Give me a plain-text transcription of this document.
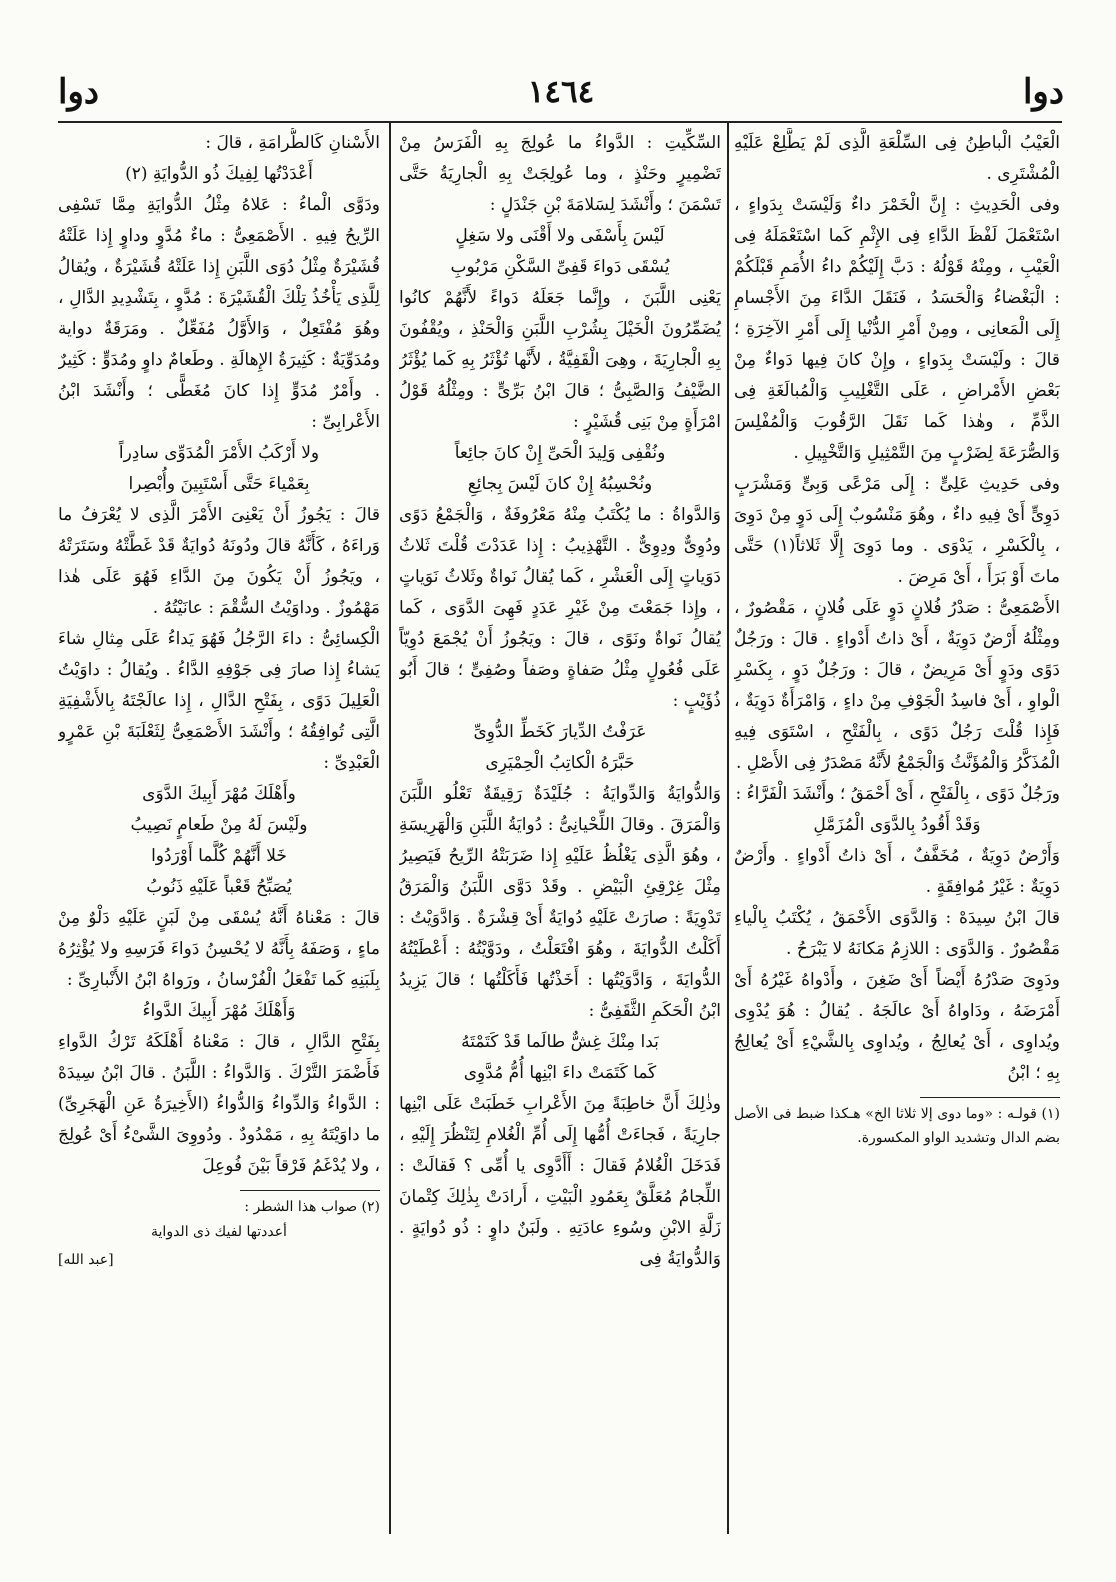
دوا
١٤٦٤
دوا

الْعَيْبُ الْباطِنُ فِى السِّلْعَةِ الَّذِى لَمْ يَطَّلِعْ عَلَيْهِ الْمُشْتَرِى .

وفى الْحَدِيثِ : إِنَّ الْخَمْرَ داءٌ وَلَيْسَتْ بِدَواءٍ ، اسْتَعْمَلَ لَفْظَ الدَّاءِ فِى الإِثْمِ كَما اسْتَعْمَلَهُ فِى الْعَيْبِ ، ومِنْهُ قَوْلُهُ : دَبَّ إِلَيْكُمْ داءُ الأُمَمِ قَبْلَكُمْ : الْبَغْضاءُ وَالْحَسَدُ ، فَنَقَلَ الدَّاءَ مِنَ الأَجْسامِ إِلَى الْمَعانِى ، ومِنْ أَمْرِ الدُّنْيا إِلَى أَمْرِ الآخِرَةِ ؛ قالَ : ولَيْسَتْ بِدَواءٍ ، وإِنْ كانَ فِيها دَواءٌ مِنْ بَعْضِ الأَمْراضِ ، عَلَى التَّغْلِيبِ وَالْمُبالَغَةِ فِى الذَّمِّ ، وهٰذا كَما نَقَلَ الرَّقُوبَ وَالْمُفْلِسَ وَالصُّرَعَةَ لِضَرْبٍ مِنَ التَّمْثِيلِ وَالتَّخْيِيلِ .

وفى حَدِيثِ عَلِىٍّ : إِلَى مَرْعًى وَبِىٍّ وَمَشْرَبٍ دَوِىٍّ أَىْ فِيهِ داءٌ ، وهُوَ مَنْسُوبٌ إِلَى دَوٍ مِنْ دَوِىَ ، بِالْكَسْرِ ، يَدْوَى . وما دَوِىَ إِلَّا ثَلاثاً(١) حَتَّى ماتَ أَوْ بَرَأَ ، أَىْ مَرِضَ .

الأَصْمَعِىُّ : صَدْرُ فُلانٍ دَوٍ عَلَى فُلانٍ ، مَقْصُورٌ ، ومِثْلُهُ أَرْضٌ دَوِيَةٌ ، أَىْ ذاتُ أَدْواءٍ . قالَ : ورَجُلٌ دَوًى ودَوٍ أَىْ مَرِيضٌ ، قالَ : ورَجُلٌ دَوٍ ، بِكَسْرِ الْواوِ ، أَىْ فاسِدُ الْجَوْفِ مِنْ داءٍ ، وَامْرَأَةٌ دَوِيَةٌ ، فَإِذا قُلْتَ رَجُلٌ دَوًى ، بِالْفَتْحِ ، اسْتَوَى فِيهِ الْمُذَكَّرُ وَالْمُؤَنَّثُ وَالْجَمْعُ لأَنَّهُ مَصْدَرٌ فِى الأَصْلِ .

ورَجُلٌ دَوًى ، بِالْفَتْحِ ، أَىْ أَحْمَقُ ؛ وأَنْشَدَ الْفَرَّاءُ :

وَقَدْ أَقُودُ بِالدَّوَى الْمُزَمَّلِ

وَأَرْضٌ دَوِيَةٌ ، مُخَفَّفٌ ، أَىْ ذاتُ أَدْواءٍ . وأَرْضٌ دَوِيَةٌ : غَيْرُ مُوافِقَةٍ .

قالَ ابْنُ سِيدَهْ : وَالدَّوَى الأَحْمَقُ ، يُكْتَبُ بِالْياءِ مَقْصُورٌ . وَالدَّوَى : اللازِمُ مَكانَهُ لا يَبْرَحُ .

ودَوِىَ صَدْرُهُ أَيْضاً أَىْ ضَغِنَ ، وأَدْواهُ غَيْرُهُ أَىْ أَمْرَضَهُ ، ودَاواهُ أَىْ عالَجَهُ . يُقالُ : هُوَ يُدْوِى ويُداوِى ، أَىْ يُعالِجُ ، ويُداوِى بِالشَّيْءِ أَىْ يُعالِجُ بِهِ ؛ ابْنُ

(١) قولـه : «وما دوى إلا ثلاثا الخ» هـكذا ضبط فى الأصل بضم الدال وتشديد الواو المكسورة.

السِّكِّيتِ : الدَّواءُ ما عُولِجَ بِهِ الْفَرَسُ مِنْ تَضْمِيرٍ وحَنْذٍ ، وما عُولِجَتْ بِهِ الْجارِيَةُ حَتَّى تَسْمَنَ ؛ وأَنْشَدَ لِسَلامَةَ بْنِ جَنْدَلٍ :

لَيْسَ بِأَسْفَى ولا أَقْنَى ولا سَغِلٍ

يُسْقَى دَواءَ قَفِىِّ السَّكْنِ مَرْبُوبِ

يَعْنِى اللَّبَنَ ، وإِنَّما جَعَلَهُ دَواءً لأَنَّهُمْ كانُوا يُضَمِّرُونَ الْخَيْلَ بِشُرْبِ اللَّبَنِ وَالْحَنْذِ ، ويُقْفُونَ بِهِ الْجارِيَةَ ، وهِىَ الْقَفِيَّةُ ، لأَنَّها تُؤْثَرُ بِهِ كَما يُؤْثَرُ الضَّيْفُ وَالصَّبِىُّ ؛ قالَ ابْنُ بَرِّىٍّ : ومِثْلُهُ قَوْلُ امْرَأَةٍ مِنْ بَنِى قُشَيْرٍ :

ونُقْفِى وَلِيدَ الْحَىِّ إِنْ كانَ جائِعاً

ونُحْسِبُهُ إِنْ كانَ لَيْسَ بِجائِعِ

وَالدَّواةُ : ما يُكْتَبُ مِنْهُ مَعْرُوفَةٌ ، وَالْجَمْعُ دَوًى ودُوِىٌّ ودِوِىٌّ . التَّهْذِيبُ : إِذا عَدَدْتَ قُلْتَ ثَلاثُ دَوَياتٍ إِلَى الْعَشْرِ ، كَما يُقالُ نَواةٌ وثَلاثُ نَوَياتٍ ، وإِذا جَمَعْتَ مِنْ غَيْرِ عَدَدٍ فَهِىَ الدَّوَى ، كَما يُقالُ نَواةٌ ونَوًى ، قالَ : ويَجُوزُ أَنْ يُجْمَعَ دُوِيّاً عَلَى فُعُولٍ مِثْلُ صَفاةٍ وصَفاً وصُفِىٍّ ؛ قالَ أَبُو ذُؤَيْبٍ :

عَرَفْتُ الدِّيارَ كَخَطِّ الدُّوِىِّ

حَبَّرَهُ الْكاتِبُ الْحِمْيَرِى

وَالدُّوايَةُ وَالدِّوايَةُ : جُلَيْدَةٌ رَقِيقَةٌ تَعْلُو اللَّبَنَ وَالْمَرَقَ . وقالَ اللِّحْيانِىُّ : دُوايَةُ اللَّبَنِ وَالْهَرِيسَةِ ، وهُوَ الَّذِى يَغْلُظُ عَلَيْهِ إِذا ضَرَبَتْهُ الرِّيحُ فَيَصِيرُ مِثْلَ غِرْقِئِ الْبَيْضِ . وقَدْ دَوَّى اللَّبَنُ وَالْمَرَقُ تَدْوِيَةً : صارَتْ عَلَيْهِ دُوايَةٌ أَىْ قِشْرَةٌ . وَادَّوَيْتُ : أَكَلْتُ الدُّوايَةَ ، وهُوَ افْتَعَلْتُ ، ودَوَّيْتُهُ : أَعْطَيْتُهُ الدُّوايَةَ ، وَادَّوَيْتُها : أَخَذْتُها فَأَكَلْتُها ؛ قالَ يَزِيدُ ابْنُ الْحَكَمِ الثَّقَفِىُّ :

بَدا مِنْكَ غِشٌّ طالَما قَدْ كَتَمْتَهُ

كَما كَتَمَتْ داءَ ابْنِها أُمُّ مُدَّوِى

وذٰلِكَ أَنَّ خاطِبَةً مِنَ الأَعْرابِ خَطَبَتْ عَلَى ابْنِها جارِيَةً ، فَجاءَتْ أُمُّها إِلَى أُمِّ الْغُلامِ لِتَنْظُرَ إِلَيْهِ ، فَدَخَلَ الْغُلامُ فَقالَ : أَأَدَّوِى يا أُمِّى ؟ فَقالَتْ : اللِّجامُ مُعَلَّقٌ بِعَمُودِ الْبَيْتِ ، أَرادَتْ بِذٰلِكَ كِتْمانَ زَلَّةِ الابْنِ وسُوءِ عادَتِهِ . ولَبَنٌ داوٍ : ذُو دُوايَةٍ . وَالدُّوايَةُ فِى

الأَسْنانِ كَالطُّرامَةِ ، قالَ :

أَعْدَدْتُها لِفِيكَ ذُو الدُّوايَةِ (٢)

ودَوَّى الْماءُ : عَلاهُ مِثْلُ الدُّوايَةِ مِمَّا تَسْفِى الرِّيحُ فِيهِ . الأَصْمَعِىُّ : ماءٌ مُدَّوٍ وداوٍ إِذا عَلَتْهُ قُشَيْرَةٌ مِثْلُ دُوَى اللَّبَنِ إِذا عَلَتْهُ قُشَيْرَةٌ ، ويُقالُ لِلَّذِى يَأْخُذُ تِلْكَ الْقُشَيْرَةَ : مُدَّوٍ ، بِتَشْدِيدِ الدَّالِ ، وهُوَ مُفْتَعِلٌ ، وَالأَوَّلُ مُفَعِّلٌ . ومَرَقَةٌ دواية ومُدَوِّيَةٌ : كَثِيرَةُ الإِهالَةِ . وطَعامٌ داوٍ ومُدَوٍّ : كَثِيرٌ . وأَمْرٌ مُدَوٍّ إِذا كانَ مُغَطًّى ؛ وأَنْشَدَ ابْنُ الأَعْرابِىِّ :

ولا أَرْكَبُ الأَمْرَ الْمُدَوِّى سادِراً

بِعَمْياءَ حَتَّى أَسْتَبِينَ وأُبْصِرا

قالَ : يَجُوزُ أَنْ يَعْنِىَ الأَمْرَ الَّذِى لا يُعْرَفُ ما وَراءَهُ ، كَأَنَّهُ قالَ ودُونَهُ دُوايَةٌ قَدْ غَطَّتْهُ وسَتَرَتْهُ ، ويَجُوزُ أَنْ يَكُونَ مِنَ الدَّاءِ فَهُوَ عَلَى هٰذا مَهْمُوزٌ . وداوَيْتُ السُّقْمَ : عانَيْتُهُ .

الْكِسائِىُّ : داءَ الرَّجُلُ فَهُوَ يَداءُ عَلَى مِثالِ شاءَ يَشاءُ إِذا صارَ فِى جَوْفِهِ الدَّاءُ . ويُقالُ : داوَيْتُ الْعَلِيلَ دَوًى ، بِفَتْحِ الدَّالِ ، إِذا عالَجْتَهُ بِالأَشْفِيَةِ الَّتِى تُوافِقُهُ ؛ وأَنْشَدَ الأَصْمَعِىُّ لِثَعْلَبَةَ بْنِ عَمْرٍو الْعَبْدِىِّ :

وأَهْلَكَ مُهْرَ أَبِيكَ الدَّوَى

ولَيْسَ لَهُ مِنْ طَعامٍ نَصِيبُ

خَلا أَنَّهُمْ كُلَّما أَوْرَدُوا

يُصَبِّحُ قَعْباً عَلَيْهِ ذَنُوبُ

قالَ : مَعْناهُ أَنَّهُ يُسْقَى مِنْ لَبَنٍ عَلَيْهِ دَلْوٌ مِنْ ماءٍ ، وَصَفَهُ بِأَنَّهُ لا يُحْسِنُ دَواءَ فَرَسِهِ ولا يُؤْثِرُهُ بِلَبَنِهِ كَما تَفْعَلُ الْفُرْسانُ ، ورَواهُ ابْنُ الأَنْبارِىِّ :

وَأَهْلَكَ مُهْرَ أَبِيكَ الدَّواءُ

بِفَتْحِ الدَّالِ ، قالَ : مَعْناهُ أَهْلَكَهُ تَرْكُ الدَّواءِ فَأَضْمَرَ التَّرْكَ . وَالدَّواءُ : اللَّبَنُ . قالَ ابْنُ سِيدَهْ : الدَّواءُ وَالدِّواءُ وَالدُّواءُ (الأَخِيرَةُ عَنِ الْهَجَرِىِّ) ما داوَيْتَهُ بِهِ ، مَمْدُودٌ . ودُووِىَ الشَّىْءُ أَىْ عُولِجَ ، ولا يُدْغَمُ فَرْقاً بَيْنَ فُوعِلَ

(٢) صواب هذا الشطر :

أعددتها لفيك ذى الدواية

[عبد الله]
